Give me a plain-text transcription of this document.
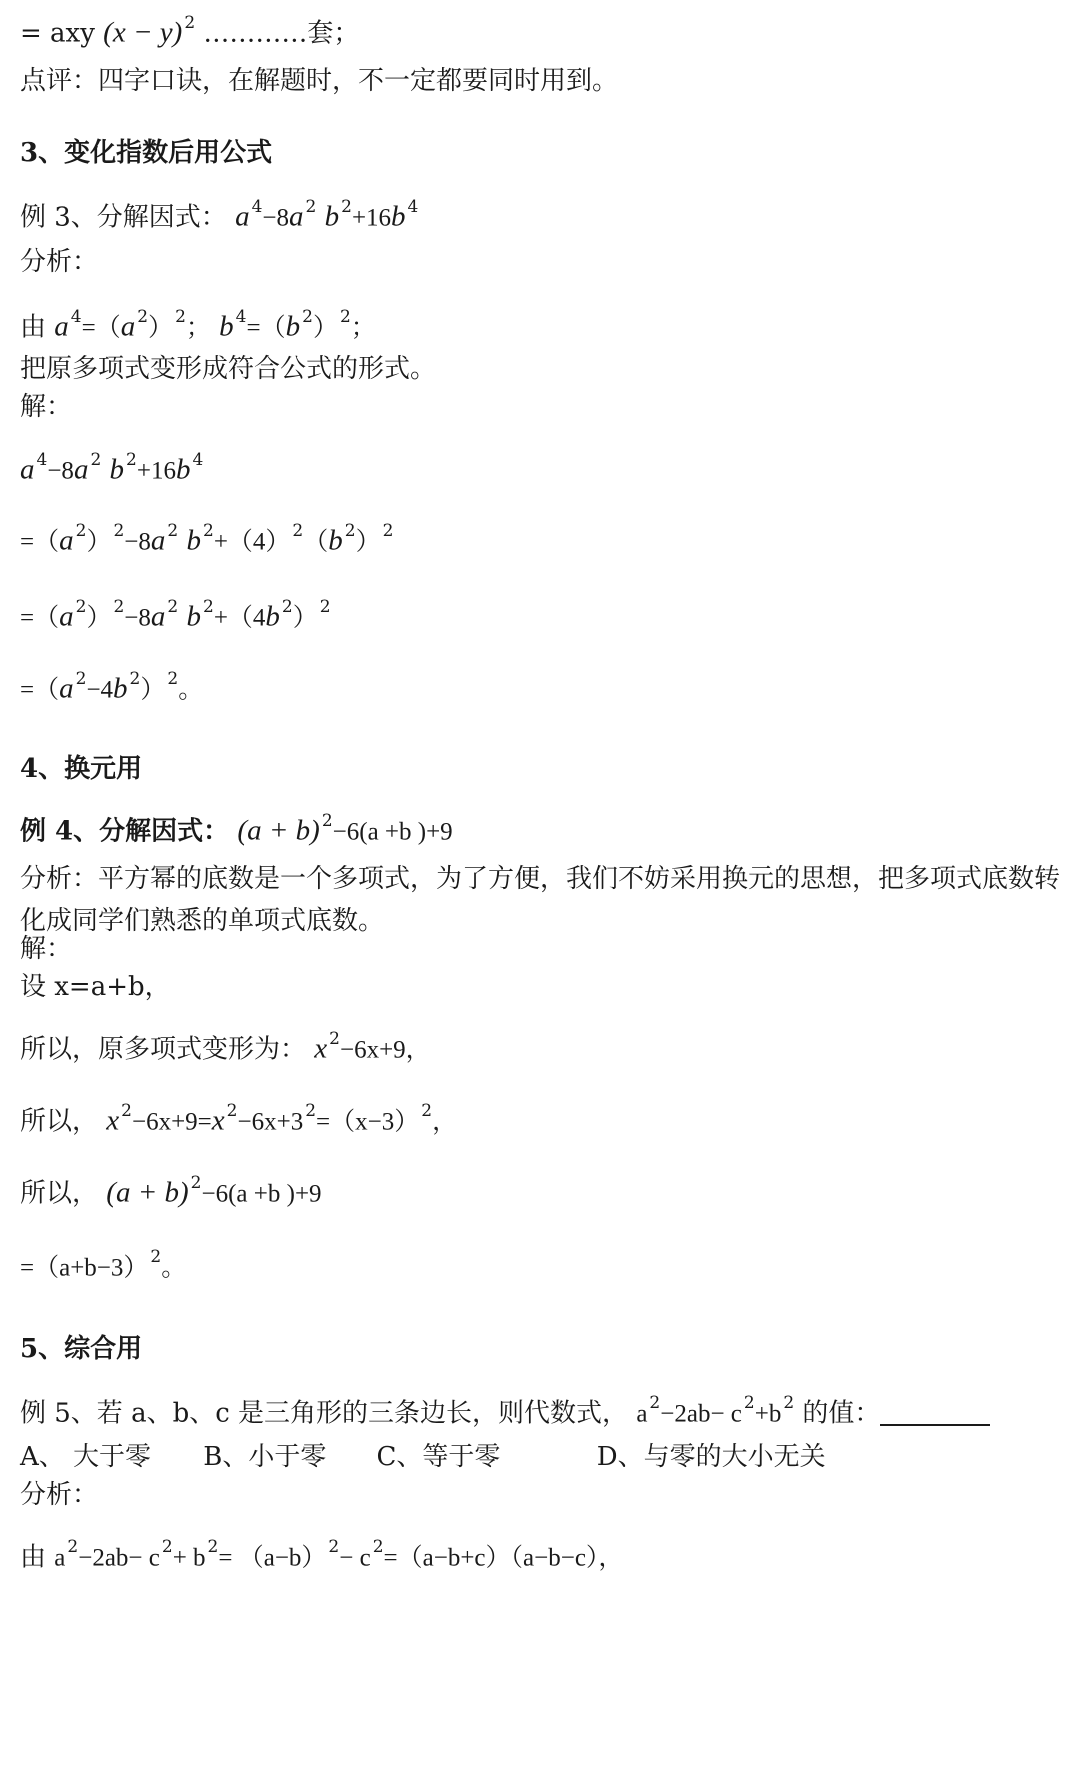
= axy (x − y) $^2$ …………套；
点评：四字口诀，在解题时，不一定都要同时用到。
3、变化指数后用公式
例 3、分解因式： a $^4$−8a $^2$ b $^2$+16b $^4$
分析：
由 a $^4$=（a $^2$） $^2$； b $^4$=（b $^2$） $^2$；
把原多项式变形成符合公式的形式。
解：
a $^4$−8a $^2$ b $^2$+16b $^4$
=（a $^2$） $^2$−8a $^2$ b $^2$+（4） $^2$（b $^2$） $^2$
=（a $^2$） $^2$−8a $^2$ b $^2$+（4b $^2$） $^2$
=（a $^2$−4b $^2$） $^2$。
4、换元用
例 4、分解因式： (a + b) $^2$−6(a +b )+9
分析：平方幂的底数是一个多项式，为了方便，我们不妨采用换元的思想，把多项式底数转化成同学们熟悉的单项式底数。
解：
设 x=a+b，
所以，原多项式变形为： x $^2$−6x+9，
所以， x $^2$−6x+9=x $^2$−6x+3 $^2$=（x−3） $^2$，
所以， (a + b) $^2$−6(a +b )+9
=（a+b−3） $^2$。
5、综合用
例 5、若 a、b、c 是三角形的三条边长，则代数式， a $^2$−2ab− c $^2$+b $^2$ 的值：
A、 大于零 B、小于零 C、等于零	D、与零的大小无关
分析：
由 a $^2$−2ab− c $^2$+ b $^2$= （a−b） $^2$− c $^2$=（a−b+c）（a−b−c），
